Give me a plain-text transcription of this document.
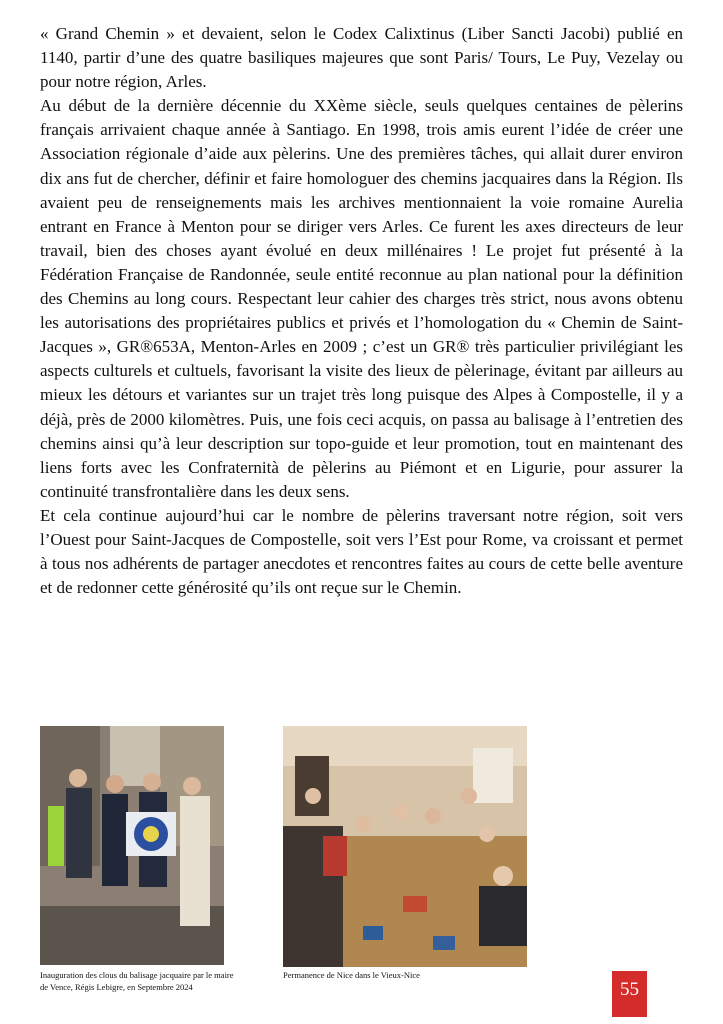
« Grand Chemin » et devaient, selon le Codex Calixtinus (Liber Sancti Jacobi) publié en 1140, partir d’une des quatre basiliques majeures que sont Paris/ Tours, Le Puy, Vezelay ou pour notre région, Arles.

Au début de la dernière décennie du XXème siècle, seuls quelques centaines de pèlerins français arrivaient chaque année à Santiago. En 1998, trois amis eurent l’idée de créer une Association régionale d’aide aux pèlerins. Une des premières tâches, qui allait durer environ dix ans fut de chercher, définir et faire homologuer des chemins jacquaires dans la Région. Ils avaient peu de renseignements mais les archives mentionnaient la voie romaine Aurelia entrant en France à Menton pour se diriger vers Arles. Ce furent les axes directeurs de leur travail, bien des choses ayant évolué en deux millénaires ! Le projet fut présenté à la Fédération Française de Randonnée, seule entité reconnue au plan national pour la définition des Chemins au long cours. Respectant leur cahier des charges très strict, nous avons obtenu les autorisations des propriétaires publics et privés et l’homologation du « Chemin de Saint-Jacques », GR®653A, Menton-Arles en 2009 ; c’est un GR® très particulier privilégiant les aspects culturels et cultuels, favorisant la visite des lieux de pèlerinage, évitant par ailleurs au mieux les détours et variantes sur un trajet très long puisque des Alpes à Compostelle, il y a déjà, près de 2000 kilomètres. Puis, une fois ceci acquis, on passa au balisage à l’entretien des chemins ainsi qu’à leur description sur topo-guide et leur promotion, tout en maintenant des liens forts avec les Confraternità de pèlerins au Piémont et en Ligurie, pour assurer la continuité transfrontalière dans les deux sens.

Et cela continue aujourd’hui car le nombre de pèlerins traversant notre région, soit vers l’Ouest pour Saint-Jacques de Compostelle, soit vers l’Est pour Rome, va croissant et permet à tous nos adhérents de partager anecdotes et rencontres faites au cours de cette belle aventure et de redonner cette générosité qu’ils ont reçue sur le Chemin.

Inauguration des clous du balisage jacquaire par le maire de Vence, Régis Lebigre, en Septembre 2024
Permanence de Nice dans le Vieux-Nice
55
